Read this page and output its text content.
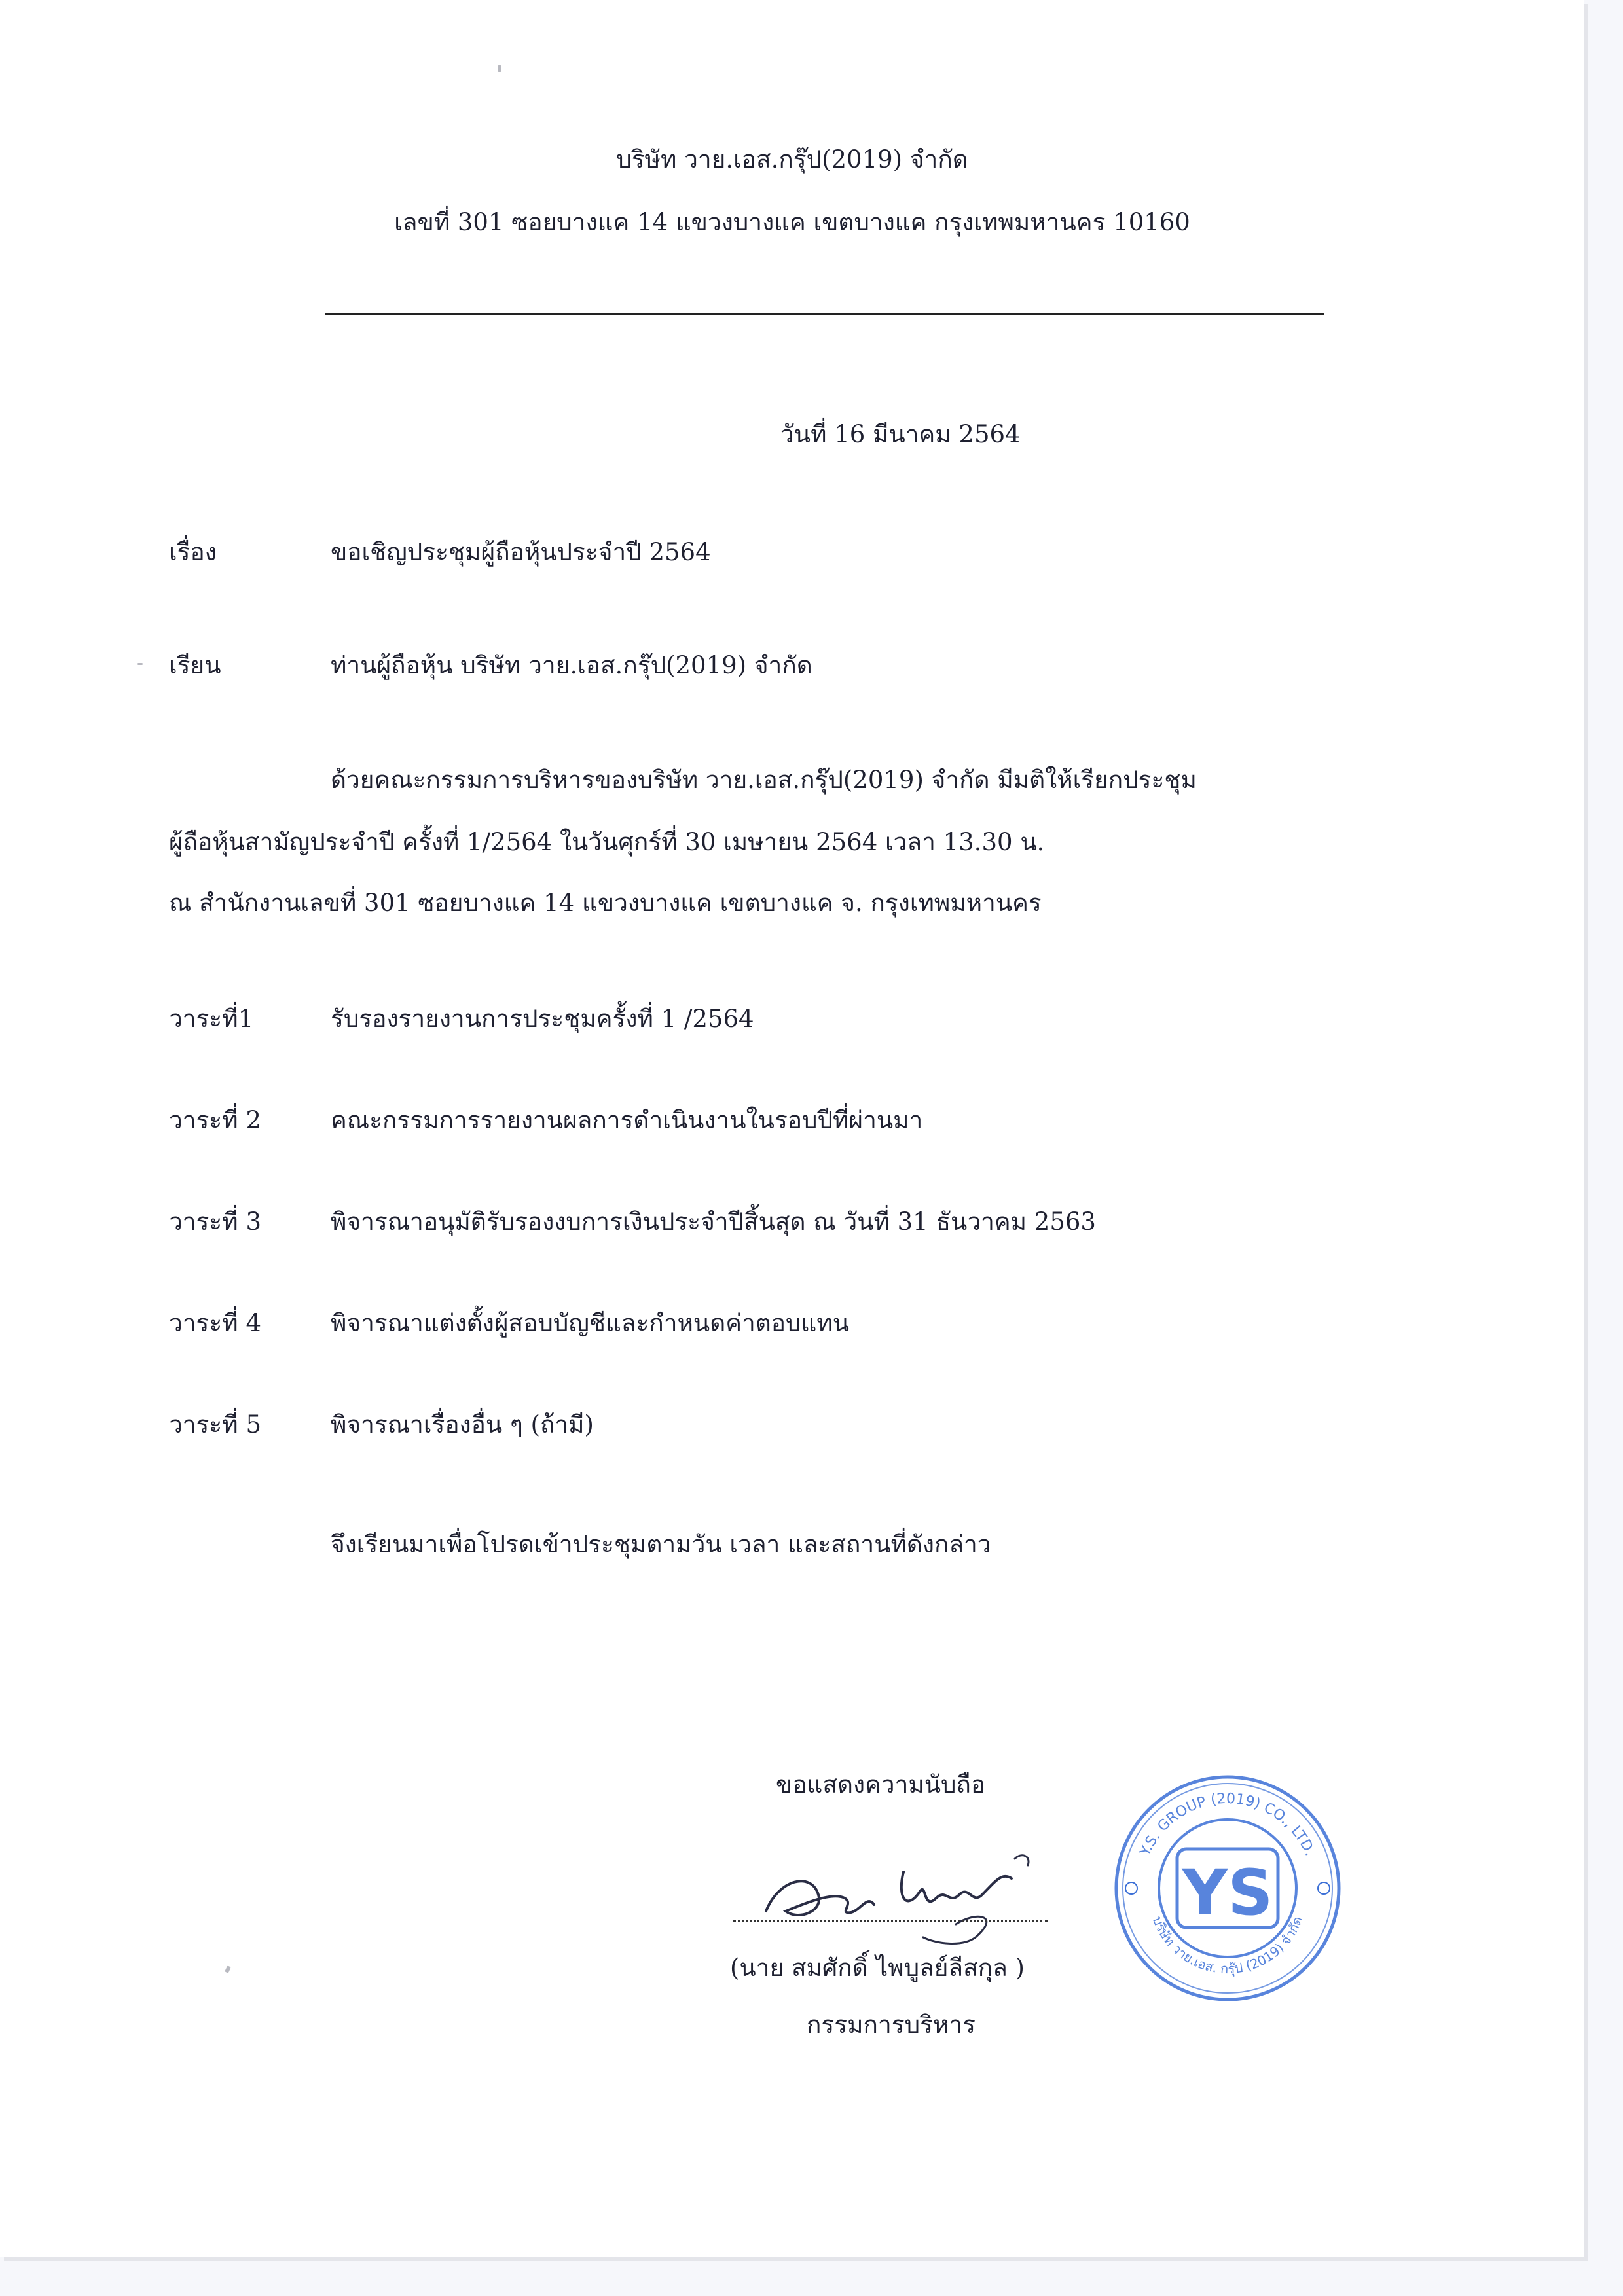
บริษัท วาย.เอส.กรุ๊ป(2019) จำกัด
เลขที่ 301 ซอยบางแค 14 แขวงบางแค เขตบางแค กรุงเทพมหานคร 10160
วันที่ 16 มีนาคม 2564
เรื่อง	ขอเชิญประชุมผู้ถือหุ้นประจำปี 2564
เรียน	ท่านผู้ถือหุ้น บริษัท วาย.เอส.กรุ๊ป(2019) จำกัด
ด้วยคณะกรรมการบริหารของบริษัท วาย.เอส.กรุ๊ป(2019) จำกัด มีมติให้เรียกประชุม
ผู้ถือหุ้นสามัญประจำปี ครั้งที่ 1/2564 ในวันศุกร์ที่ 30 เมษายน 2564 เวลา 13.30 น.
ณ สำนักงานเลขที่ 301 ซอยบางแค 14 แขวงบางแค เขตบางแค จ. กรุงเทพมหานคร
วาระที่1	รับรองรายงานการประชุมครั้งที่ 1 /2564
วาระที่ 2	คณะกรรมการรายงานผลการดำเนินงานในรอบปีที่ผ่านมา
วาระที่ 3	พิจารณาอนุมัติรับรองงบการเงินประจำปีสิ้นสุด ณ วันที่ 31 ธันวาคม 2563
วาระที่ 4	พิจารณาแต่งตั้งผู้สอบบัญชีและกำหนดค่าตอบแทน
วาระที่ 5	พิจารณาเรื่องอื่น ๆ (ถ้ามี)
จึงเรียนมาเพื่อโปรดเข้าประชุมตามวัน เวลา และสถานที่ดังกล่าว
ขอแสดงความนับถือ
(นาย สมศักดิ์ ไพบูลย์ลีสกุล )
กรรมการบริหาร
Y.S. GROUP (2019) CO., LTD.
บริษัท วาย.เอส. กรุ๊ป (2019) จำกัด
YS
